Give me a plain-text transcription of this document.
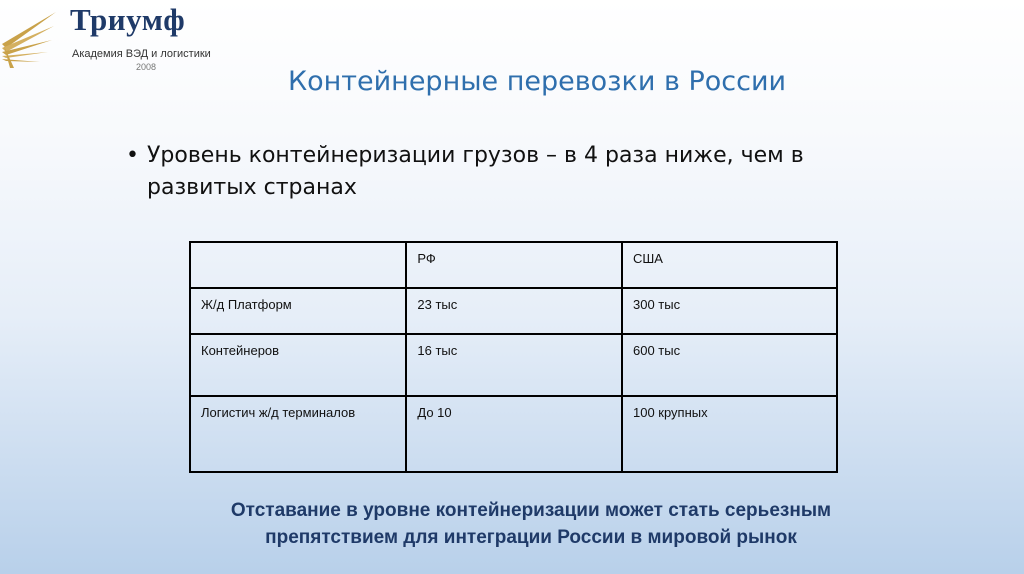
Триумф
Академия ВЭД и логистики
2008	Контейнерные перевозки в России
• Уровень контейнеризации грузов – в 4 раза ниже, чем в развитых странах
	РФ	США
Ж/д Платформ	23 тыс	300 тыс
Контейнеров	16 тыс	600 тыс
Логистич ж/д терминалов	До 10	100 крупных
Отставание в уровне контейнеризации может стать серьезным
препятствием для интеграции России в мировой рынок
